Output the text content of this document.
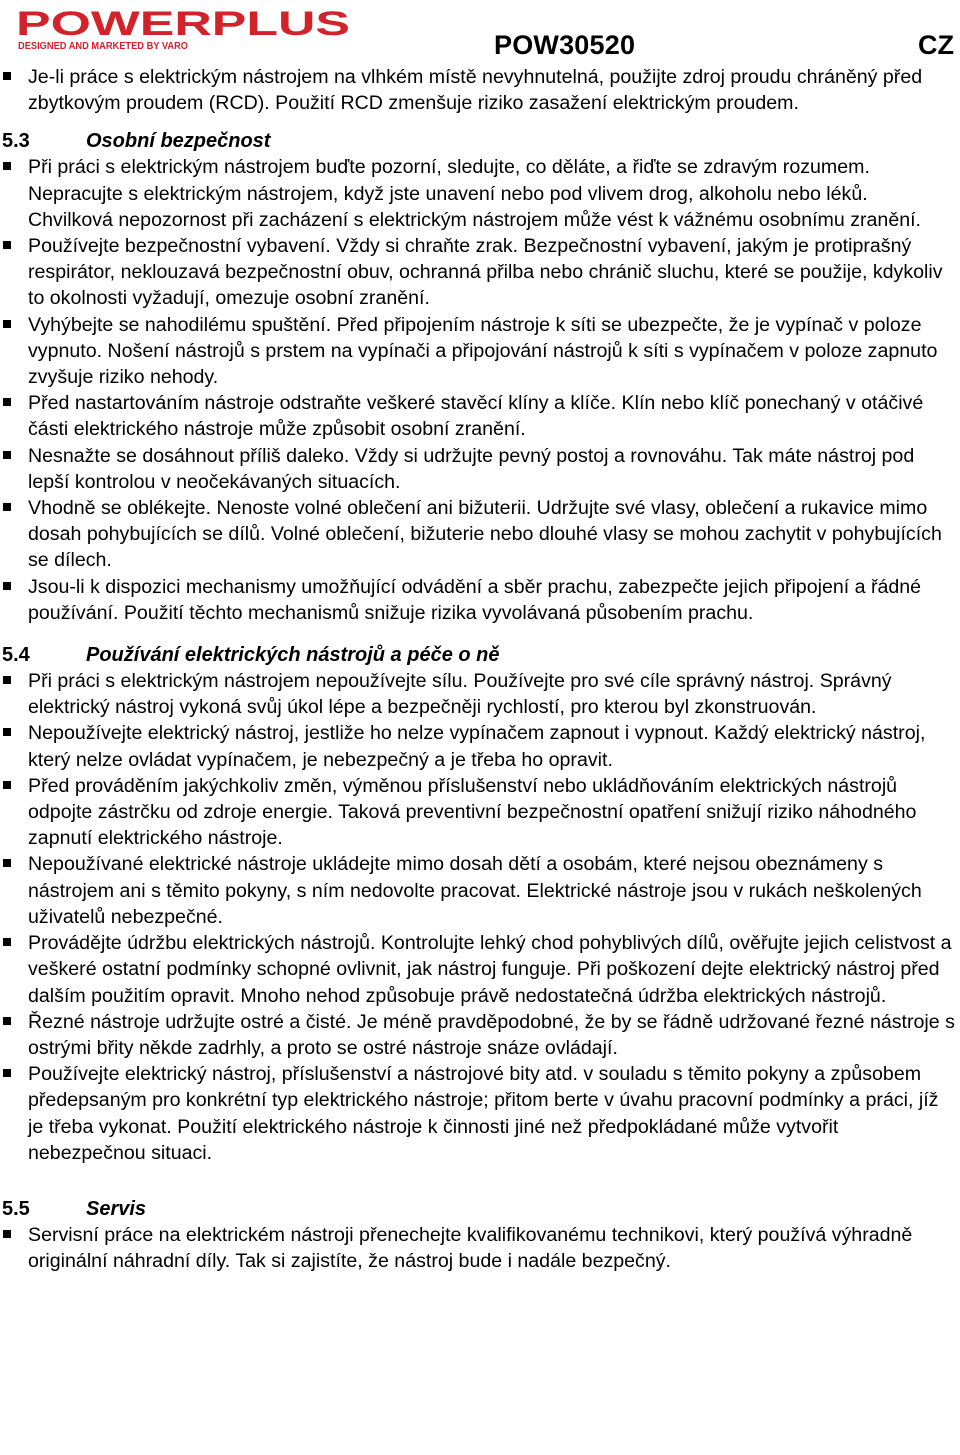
POWERPLUS
DESIGNED AND MARKETED BY VARO	POW30520	CZ
Je-li práce s elektrickým nástrojem na vlhkém místě nevyhnutelná, použijte zdroj proudu chráněný před zbytkovým proudem (RCD). Použití RCD zmenšuje riziko zasažení elektrickým proudem.
5.3	Osobní bezpečnost
Při práci s elektrickým nástrojem buďte pozorní, sledujte, co děláte, a řiďte se zdravým rozumem. Nepracujte s elektrickým nástrojem, když jste unavení nebo pod vlivem drog, alkoholu nebo léků. Chvilková nepozornost při zacházení s elektrickým nástrojem může vést k vážnému osobnímu zranění.
Používejte bezpečnostní vybavení. Vždy si chraňte zrak. Bezpečnostní vybavení, jakým je protiprašný respirátor, neklouzavá bezpečnostní obuv, ochranná přilba nebo chránič sluchu, které se použije, kdykoliv to okolnosti vyžadují, omezuje osobní zranění.
Vyhýbejte se nahodilému spuštění. Před připojením nástroje k síti se ubezpečte, že je vypínač v poloze vypnuto. Nošení nástrojů s prstem na vypínači a připojování nástrojů k síti s vypínačem v poloze zapnuto zvyšuje riziko nehody.
Před nastartováním nástroje odstraňte veškeré stavěcí klíny a klíče. Klín nebo klíč ponechaný v otáčivé části elektrického nástroje může způsobit osobní zranění.
Nesnažte se dosáhnout příliš daleko. Vždy si udržujte pevný postoj a rovnováhu. Tak máte nástroj pod lepší kontrolou v neočekávaných situacích.
Vhodně se oblékejte. Nenoste volné oblečení ani bižuterii. Udržujte své vlasy, oblečení a rukavice mimo dosah pohybujících se dílů. Volné oblečení, bižuterie nebo dlouhé vlasy se mohou zachytit v pohybujících se dílech.
Jsou-li k dispozici mechanismy umožňující odvádění a sběr prachu, zabezpečte jejich připojení a řádné používání. Použití těchto mechanismů snižuje rizika vyvolávaná působením prachu.
5.4	Používání elektrických nástrojů a péče o ně
Při práci s elektrickým nástrojem nepoužívejte sílu. Používejte pro své cíle správný nástroj. Správný elektrický nástroj vykoná svůj úkol lépe a bezpečněji rychlostí, pro kterou byl zkonstruován.
Nepoužívejte elektrický nástroj, jestliže ho nelze vypínačem zapnout i vypnout. Každý elektrický nástroj, který nelze ovládat vypínačem, je nebezpečný a je třeba ho opravit.
Před prováděním jakýchkoliv změn, výměnou příslušenství nebo ukládňováním elektrických nástrojů odpojte zástrčku od zdroje energie. Taková preventivní bezpečnostní opatření snižují riziko náhodného zapnutí elektrického nástroje.
Nepoužívané elektrické nástroje ukládejte mimo dosah dětí a osobám, které nejsou obeznámeny s nástrojem ani s těmito pokyny, s ním nedovolte pracovat. Elektrické nástroje jsou v rukách neškolených uživatelů nebezpečné.
Provádějte údržbu elektrických nástrojů. Kontrolujte lehký chod pohyblivých dílů, ověřujte jejich celistvost a veškeré ostatní podmínky schopné ovlivnit, jak nástroj funguje. Při poškození dejte elektrický nástroj před dalším použitím opravit. Mnoho nehod způsobuje právě nedostatečná údržba elektrických nástrojů.
Řezné nástroje udržujte ostré a čisté. Je méně pravděpodobné, že by se řádně udržované řezné nástroje s ostrými břity někde zadrhly, a proto se ostré nástroje snáze ovládají.
Používejte elektrický nástroj, příslušenství a nástrojové bity atd. v souladu s těmito pokyny a způsobem předepsaným pro konkrétní typ elektrického nástroje; přitom berte v úvahu pracovní podmínky a práci, jíž je třeba vykonat. Použití elektrického nástroje k činnosti jiné než předpokládané může vytvořit nebezpečnou situaci.
5.5	Servis
Servisní práce na elektrickém nástroji přenechejte kvalifikovanému technikovi, který používá výhradně originální náhradní díly. Tak si zajistíte, že nástroj bude i nadále bezpečný.
